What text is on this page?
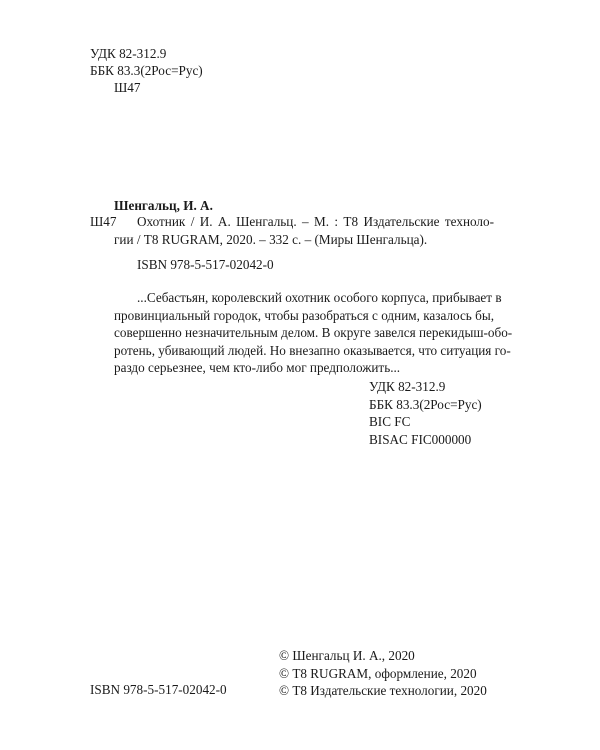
УДК 82-312.9
ББК 83.3(2Рос=Рус)
Ш47
Шенгальц, И. А.
Ш47 Охотник / И. А. Шенгальц. – М. : Т8 Издательские техноло-
гии / Т8 RUGRAM, 2020. – 332 с. – (Миры Шенгальца).
ISBN 978-5-517-02042-0
...Себастьян, королевский охотник особого корпуса, прибывает в
провинциальный городок, чтобы разобраться с одним, казалось бы,
совершенно незначительным делом. В округе завелся перекидыш-обо-
ротень, убивающий людей. Но внезапно оказывается, что ситуация го-
раздо серьезнее, чем кто-либо мог предположить...
УДК 82-312.9
ББК 83.3(2Рос=Рус)
BIC FC
BISAC FIC000000
ISBN 978-5-517-02042-0
© Шенгальц И. А., 2020
© Т8 RUGRAM, оформление, 2020
© Т8 Издательские технологии, 2020
